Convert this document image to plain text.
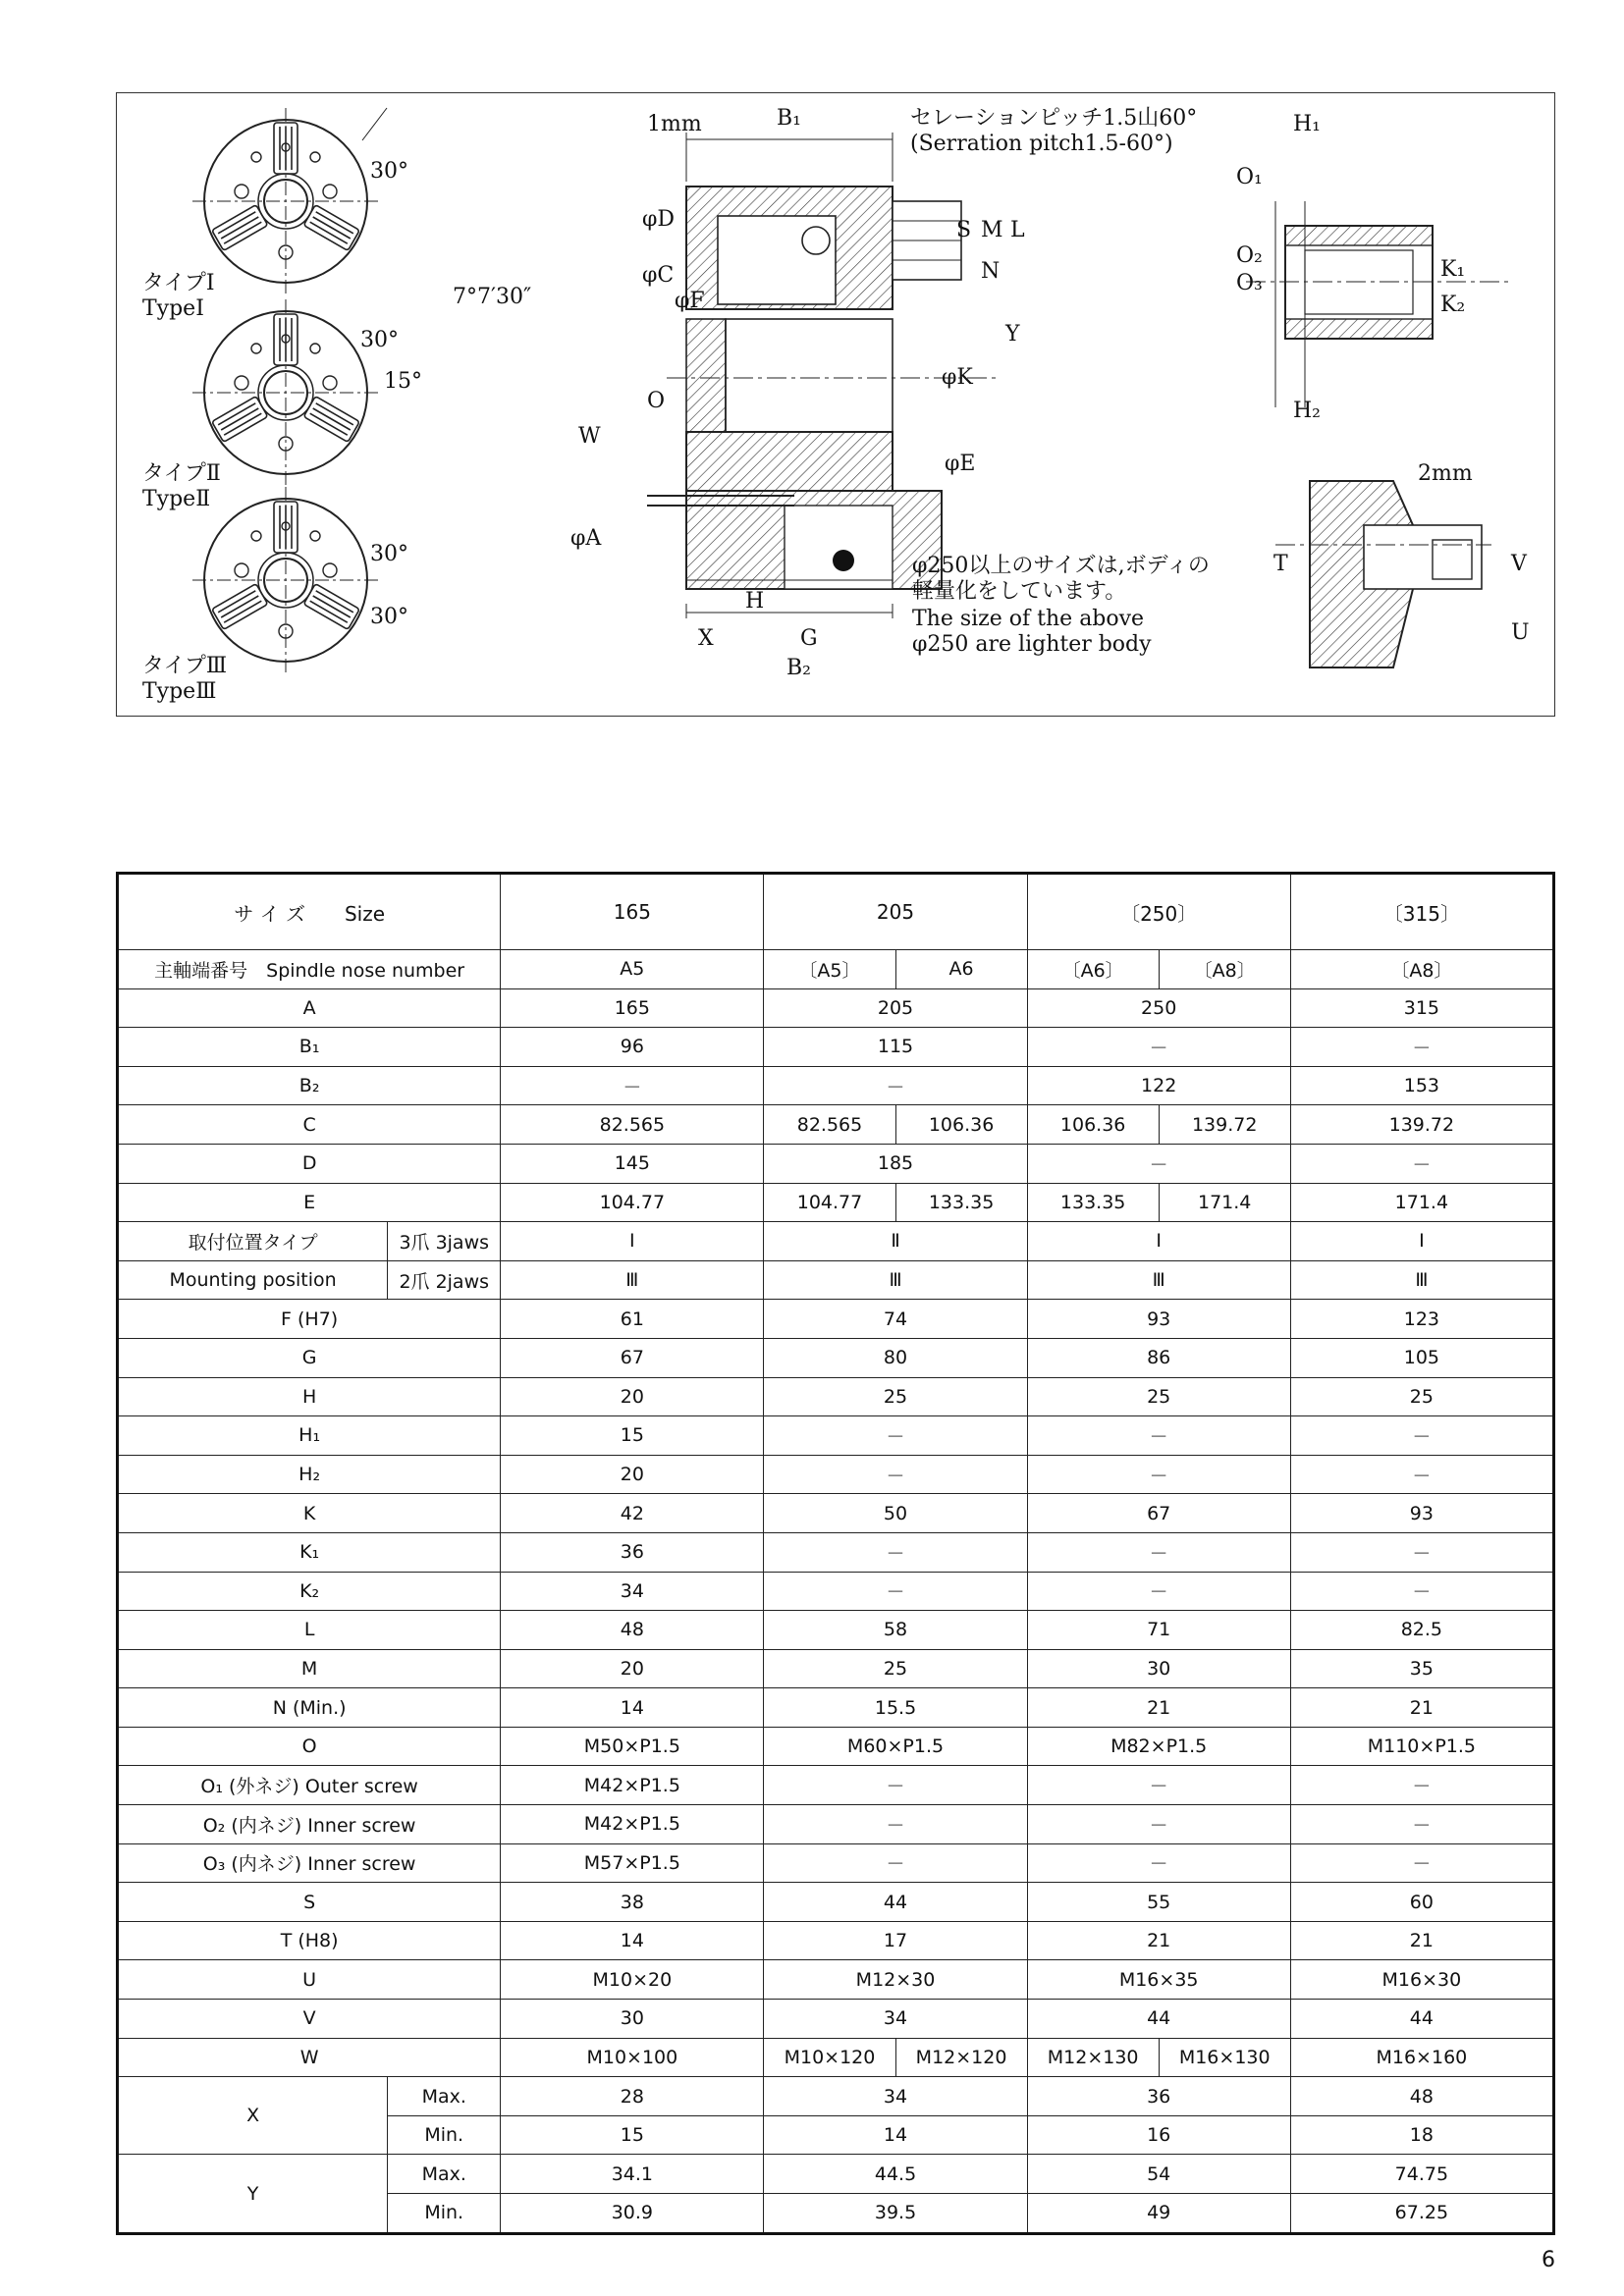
30°
30°
15°
30°
30°
タイプⅠ
TypeⅠ
タイプⅡ
TypeⅡ
タイプⅢ
TypeⅢ
B₁
1mm	セレーションピッチ1.5山60°
(Serration pitch1.5-60°)
φD
φC
φF
7°7′30″
S M L
N
Y
φK
O
W
φE
φA
H
X	G
B₂
φ250以上のサイズは,ボディの
軽量化をしています。
The size of the above
φ250 are lighter body
H₁
O₁
O₂
O₃
K₁
K₂
H₂
2mm
T	V
U
サ イ ズ　　Size		165	205		〔250〕		〔315〕
主軸端番号　Spindle nose number		A5	〔A5〕	A6	〔A6〕	〔A8〕	〔A8〕
A		165	205		250		315
B₁		96	115		－		－
B₂		－	－		122		153
C		82.565	82.565	106.36	106.36	139.72	139.72
D		145	185		－		－
E		104.77	104.77	133.35	133.35	171.4	171.4
取付位置タイプ	3爪 3jaws	Ⅰ	Ⅱ		Ⅰ		Ⅰ
Mounting position	2爪 2jaws	Ⅲ	Ⅲ		Ⅲ		Ⅲ
F (H7)		61	74		93		123
G		67	80		86		105
H		20	25		25		25
H₁		15	－		－		－
H₂		20	－		－		－
K		42	50		67		93
K₁		36	－		－		－
K₂		34	－		－		－
L		48	58		71		82.5
M		20	25		30		35
N (Min.)		14	15.5		21		21
O		M50×P1.5	M60×P1.5		M82×P1.5		M110×P1.5
O₁ (外ネジ) Outer screw		M42×P1.5	－		－		－
O₂ (内ネジ) Inner screw		M42×P1.5	－		－		－
O₃ (内ネジ) Inner screw		M57×P1.5	－		－		－
S		38	44		55		60
T (H8)		14	17		21		21
U		M10×20	M12×30		M16×35		M16×30
V		30	34		44		44
W		M10×100	M10×120	M12×120	M12×130	M16×130	M16×160
X	Max.	28	34		36		48
	Min.	15	14		16		18
Y	Max.	34.1	44.5		54		74.75
	Min.	30.9	39.5		49		67.25
6
